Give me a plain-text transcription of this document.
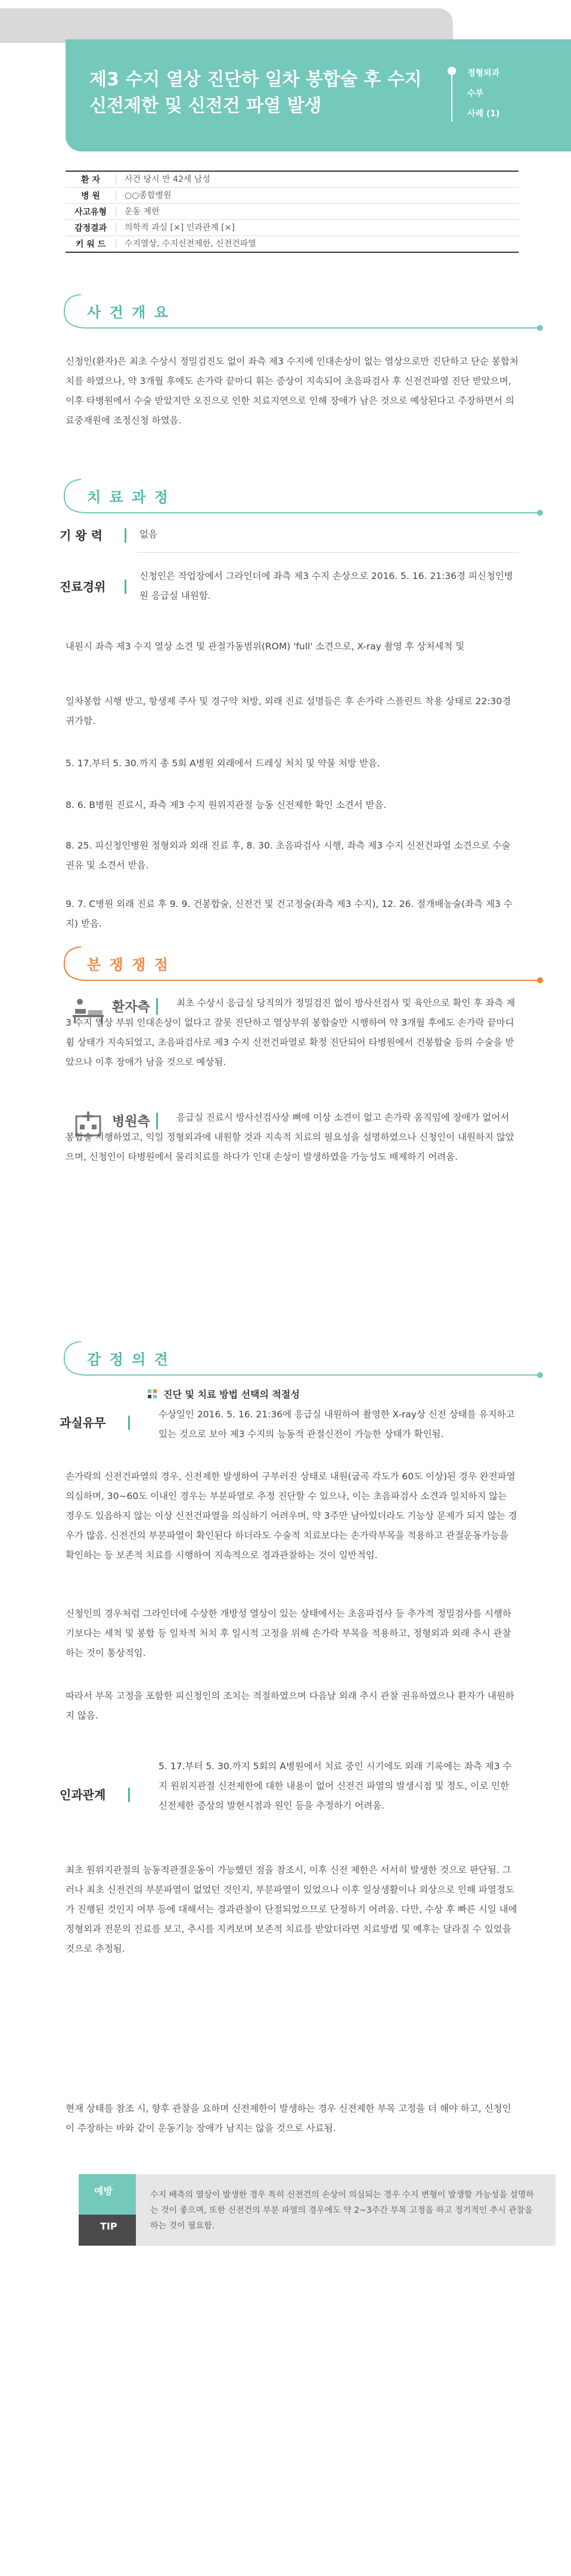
제3 수지 열상 진단하 일차 봉합술 후 수지 신전제한 및 신전건 파열 발생
정형외과
수부
사례 (1)
환 자	사건 당시 만 42세 남성
병 원	○○종합병원
사고유형	운동 제한
감정결과	의학적 과실 [×] 인과관계 [×]
키 워 드	수지열상, 수지신전제한, 신전건파열
사 건 개 요

신청인(환자)은 최초 수상시 정밀검진도 없이 좌측 제3 수지에 인대손상이 없는 열상으로만 진단하고 단순 봉합처치를 하였으나, 약 3개월 후에도 손가락 끝마디 휘는 증상이 지속되어 초음파검사 후 신전건파열 진단 받았으며, 이후 타병원에서 수술 받았지만 오진으로 인한 치료지연으로 인해 장애가 남은 것으로 예상된다고 주장하면서 의료중재원에 조정신청 하였음.

치 료 과 정
기 왕 력	없음
진료경위

신청인은 작업장에서 그라인더에 좌측 제3 수지 손상으로 2016. 5. 16. 21:36경 피신청인병원 응급실 내원함.

내원시 좌측 제3 수지 열상 소견 및 관절가동범위(ROM) 'full' 소견으로, X-ray 촬영 후 상처세척 및

일차봉합 시행 받고, 항생제 주사 및 경구약 처방, 외래 진료 설명들은 후 손가락 스플린트 착용 상태로 22:30경 귀가함.

5. 17.부터 5. 30.까지 총 5회 A병원 외래에서 드레싱 처치 및 약물 처방 받음.

8. 6. B병원 진료시, 좌측 제3 수지 원위지관절 능동 신전제한 확인 소견서 받음.

8. 25. 피신청인병원 정형외과 외래 진료 후, 8. 30. 초음파검사 시행, 좌측 제3 수지 신전건파열 소견으로 수술 권유 및 소견서 받음.

9. 7. C병원 외래 진료 후 9. 9. 건봉합술, 신전건 및 건고정술(좌측 제3 수지), 12. 26. 절개배농술(좌측 제3 수지) 받음.

분 쟁 쟁 점
환자측	최초 수상시 응급실 당직의가 정밀검진 없이 방사선검사 및 육안으로 확인 후 좌측 제3 수지 열상 부위 인대손상이 없다고 잘못 진단하고 열상부위 봉합술만 시행하여 약 3개월 후에도 손가락 끝마디 휨 상태가 지속되었고, 초음파검사로 제3 수지 신전건파열로 확정 진단되어 타병원에서 건봉합술 등의 수술을 받았으나 이후 장애가 남을 것으로 예상됨.

병원측	응급실 진료시 방사선검사상 뼈에 이상 소견이 없고 손가락 움직임에 장애가 없어서 봉합술 시행하였고, 익일 정형외과에 내원할 것과 지속적 치료의 필요성을 설명하였으나 신청인이 내원하지 않았으며, 신청인이 타병원에서 물리치료를 하다가 인대 손상이 발생하였을 가능성도 배제하기 어려움.

감 정 의 견
과실유무
진단 및 치료 방법 선택의 적절성

수상일인 2016. 5. 16. 21:36에 응급실 내원하여 촬영한 X-ray상 신전 상태를 유지하고 있는 것으로 보아 제3 수지의 능동적 관절신전이 가능한 상태가 확인됨.

손가락의 신전건파열의 경우, 신전제한 발생하여 구부러진 상태로 내원(굽곡 각도가 60도 이상)된 경우 완전파열 의심하며, 30~60도 이내인 경우는 부분파열로 추정 진단할 수 있으나, 이는 초음파검사 소견과 일치하지 않는 경우도 있음하지 않는 이상 신전건파열을 의심하기 어려우며, 약 3주만 남아있더라도 기능상 문제가 되지 않는 경우가 많음. 신전건의 부분파열이 확인된다 하더라도 수술적 치료보다는 손가락부목을 적용하고 관절운동가능을 확인하는 등 보존적 치료를 시행하여 지속적으로 경과관찰하는 것이 일반적임.

신청인의 경우처럼 그라인더에 수상한 개방성 열상이 있는 상태에서는 초음파검사 등 추가적 정밀검사를 시행하기보다는 세척 및 봉합 등 일차적 처치 후 일시적 고정을 위해 손가락 부목을 적용하고, 정형외과 외래 추시 관찰하는 것이 통상적임.

따라서 부목 고정을 포함한 피신청인의 조치는 적절하였으며 다음날 외래 추시 관찰 권유하였으나 환자가 내원하지 않음.

인과관계

5. 17.부터 5. 30.까지 5회의 A병원에서 치료 중인 시기에도 외래 기록에는 좌측 제3 수지 원위지관절 신전제한에 대한 내용이 없어 신전건 파열의 발생시점 및 정도, 이로 인한 신전제한 증상의 발현시점과 원인 등을 추정하기 어려움.

최초 원위지관절의 능동적관절운동이 가능했던 점을 참조시, 이후 신전 제한은 서서히 발생한 것으로 판단됨. 그러나 최초 신전건의 부분파열이 없었던 것인지, 부분파열이 있었으나 이후 일상생활이나 외상으로 인해 파열정도가 진행된 것인지 여부 등에 대해서는 경과관찰이 단절되었으므로 단정하기 어려움. 다만, 수상 후 빠른 시일 내에 정형외과 전문의 진료를 보고, 추시를 지켜보며 보존적 치료를 받았더라면 치료방법 및 예후는 달라질 수 있었을 것으로 추정됨.

현재 상태를 참조 시, 향후 관찰을 요하며 신전제한이 발생하는 경우 신전제한 부목 고정을 더 해야 하고, 신청인이 주장하는 바와 같이 운동기능 장애가 남지는 않을 것으로 사료됨.

예방
TIP

수지 배측의 열상이 발생한 경우 특히 신전건의 손상이 의심되는 경우 수지 변형이 발생할 가능성을 설명하는 것이 좋으며, 또한 신전건의 부분 파열의 경우에도 약 2~3주간 부목 고정을 하고 정기적인 추시 관찰을 하는 것이 필요함.
